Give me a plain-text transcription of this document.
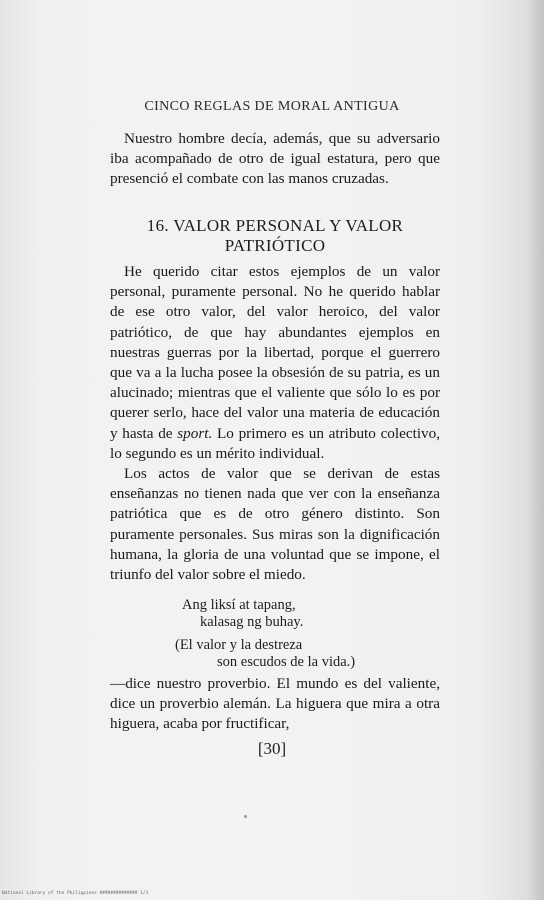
CINCO REGLAS DE MORAL ANTIGUA

Nuestro hombre decía, además, que su adversario iba acompañado de otro de igual estatura, pero que presenció el combate con las manos cruzadas.

16. VALOR PERSONAL Y VALOR
PATRIÓTICO

He querido citar estos ejemplos de un valor personal, puramente personal. No he querido hablar de ese otro valor, del valor heroico, del valor patriótico, de que hay abundantes ejemplos en nuestras guerras por la libertad, porque el guerrero que va a la lucha posee la obsesión de su patria, es un alucinado; mientras que el valiente que sólo lo es por querer serlo, hace del valor una materia de educación y hasta de sport. Lo primero es un atributo colectivo, lo segundo es un mérito individual.

Los actos de valor que se derivan de estas enseñanzas no tienen nada que ver con la enseñanza patriótica que es de otro género distinto. Son puramente personales. Sus miras son la dignificación humana, la gloria de una voluntad que se impone, el triunfo del valor sobre el miedo.

Ang liksí at tapang,
kalasag ng buhay.
(El valor y la destreza
son escudos de la vida.)

—dice nuestro proverbio. El mundo es del valiente, dice un proverbio alemán. La higuera que mira a otra higuera, acaba por fructificar,

[30]
National Library of the Philippines ############## 1/1
